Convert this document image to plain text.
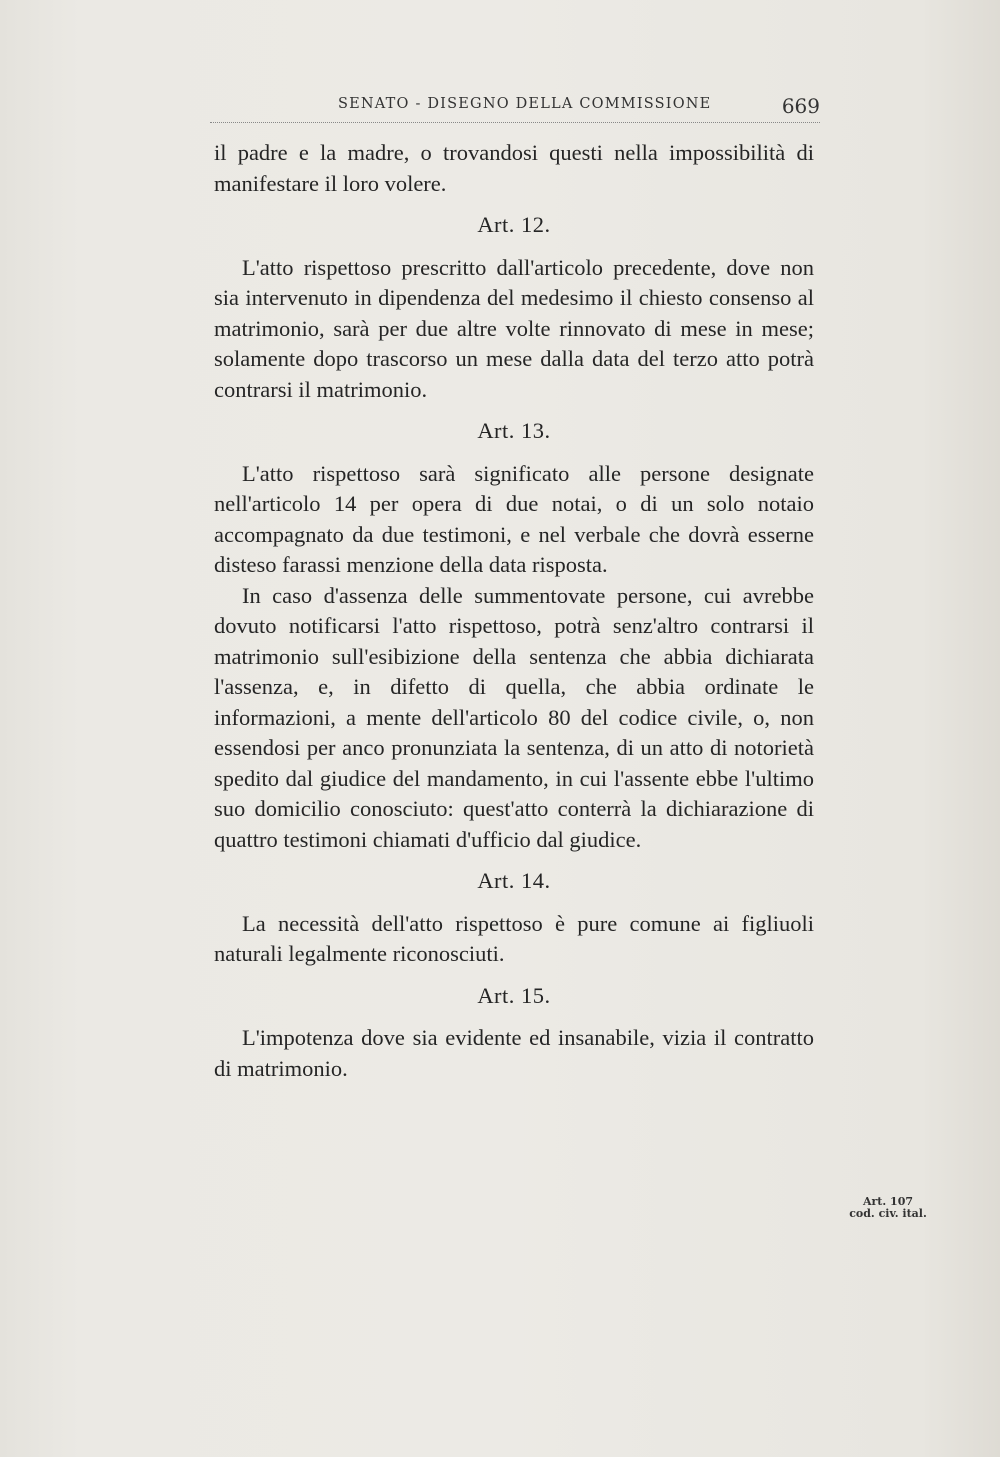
SENATO - DISEGNO DELLA COMMISSIONE	669

il padre e la madre, o trovandosi questi nella impossibilità di manifestare il loro volere.

Art. 12.

L'atto rispettoso prescritto dall'articolo precedente, dove non sia intervenuto in dipendenza del medesimo il chiesto consenso al matrimonio, sarà per due altre volte rinnovato di mese in mese; solamente dopo trascorso un mese dalla data del terzo atto potrà contrarsi il matrimonio.

Art. 13.

L'atto rispettoso sarà significato alle persone designate nell'articolo 14 per opera di due notai, o di un solo notaio accompagnato da due testimoni, e nel verbale che dovrà esserne disteso farassi menzione della data risposta.

In caso d'assenza delle summentovate persone, cui avrebbe dovuto notificarsi l'atto rispettoso, potrà senz'altro contrarsi il matrimonio sull'esibizione della sentenza che abbia dichiarata l'assenza, e, in difetto di quella, che abbia ordinate le informazioni, a mente dell'articolo 80 del codice civile, o, non essendosi per anco pronunziata la sentenza, di un atto di notorietà spedito dal giudice del mandamento, in cui l'assente ebbe l'ultimo suo domicilio conosciuto: quest'atto conterrà la dichiarazione di quattro testimoni chiamati d'ufficio dal giudice.

Art. 14.

La necessità dell'atto rispettoso è pure comune ai figliuoli naturali legalmente riconosciuti.

Art. 15.

L'impotenza dove sia evidente ed insanabile, vizia il contratto di matrimonio.

Art. 107
cod. civ. ital.
